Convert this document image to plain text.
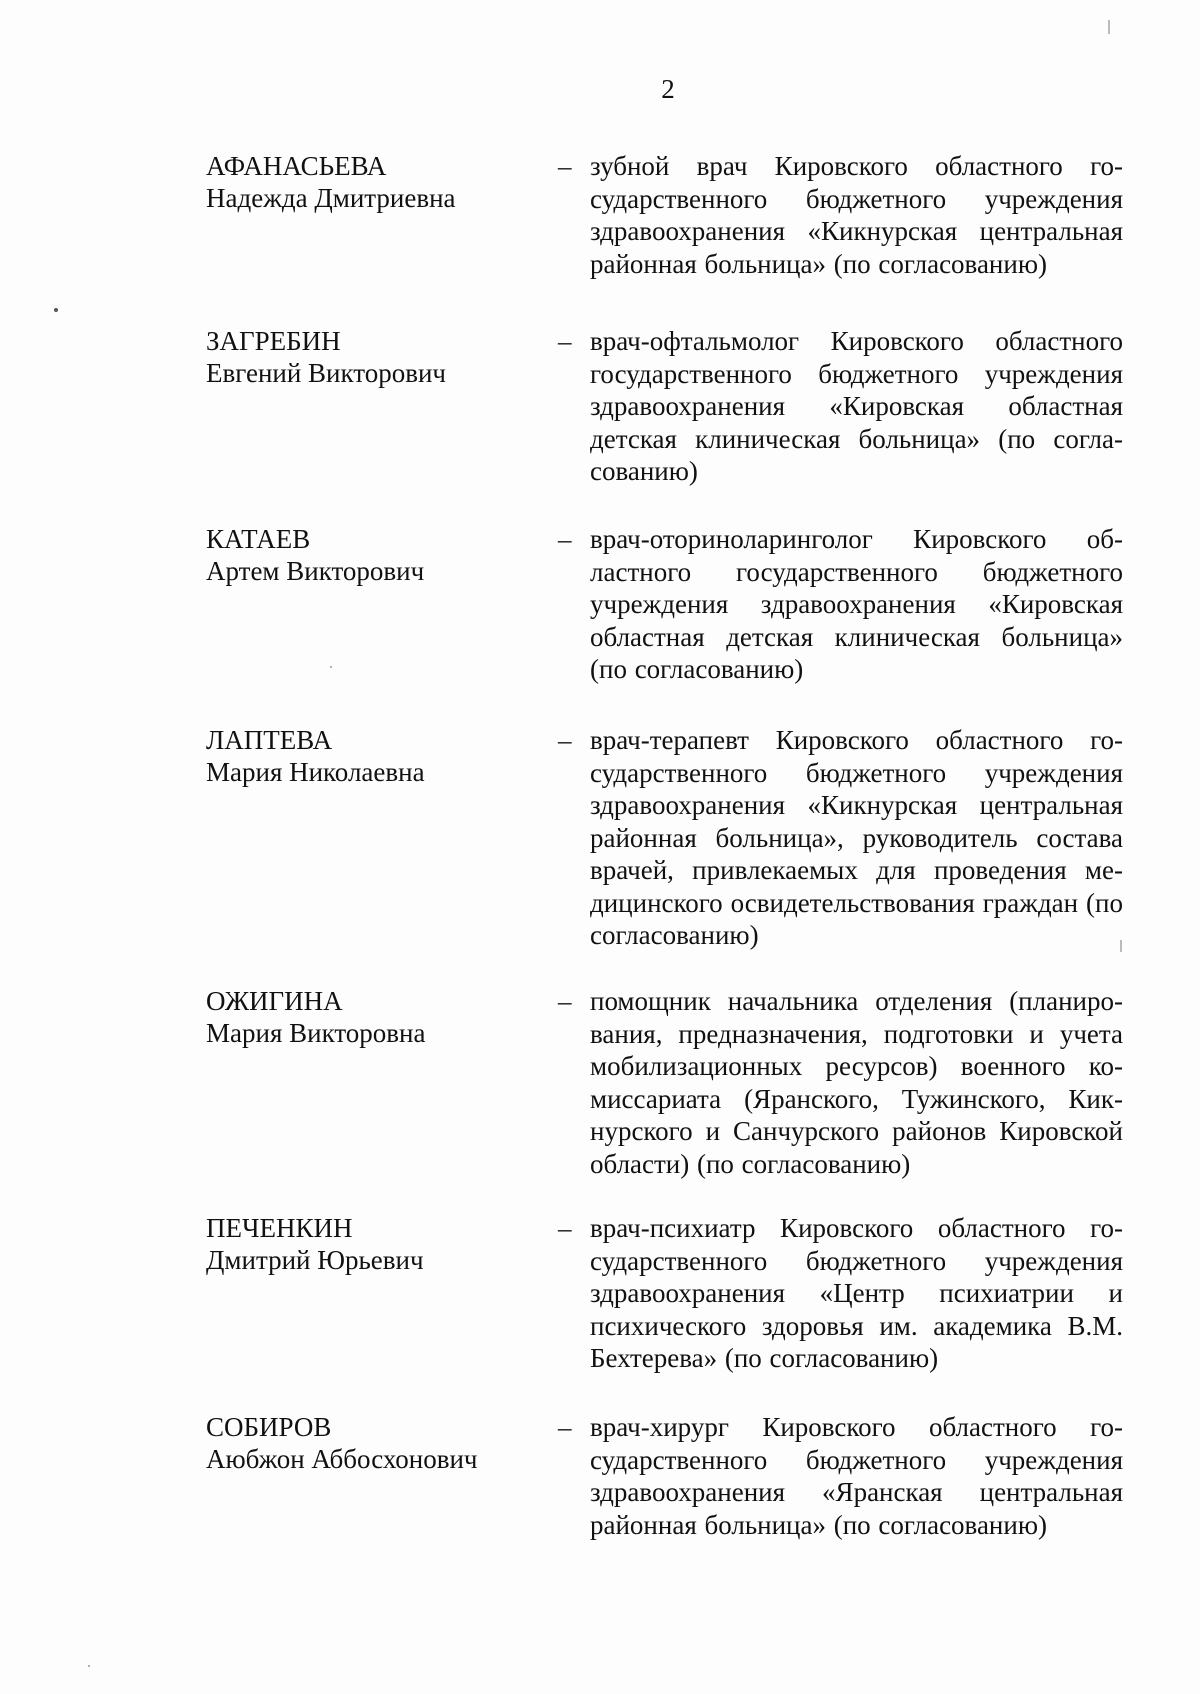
2
АФАНАСЬЕВА
Надежда Дмитриевна
– зубной врач Кировского областного государственного бюджетного учреждения здравоохранения «Кикнурская центральная районная больница» (по согласованию)
ЗАГРЕБИН
Евгений Викторович
– врач-офтальмолог Кировского областного государственного бюджетного учреждения здравоохранения «Кировская областная детская клиническая больница» (по согласованию)
КАТАЕВ
Артем Викторович
– врач-оториноларинголог Кировского областного государственного бюджетного учреждения здравоохранения «Кировская областная детская клиническая больница» (по согласованию)
ЛАПТЕВА
Мария Николаевна
– врач-терапевт Кировского областного государственного бюджетного учреждения здравоохранения «Кикнурская центральная районная больница», руководитель состава врачей, привлекаемых для проведения медицинского освидетельствования граждан (по согласованию)
ОЖИГИНА
Мария Викторовна
– помощник начальника отделения (планирования, предназначения, подготовки и учета мобилизационных ресурсов) военного комиссариата (Яранского, Тужинского, Кикнурского и Санчурского районов Кировской области) (по согласованию)
ПЕЧЕНКИН
Дмитрий Юрьевич
– врач-психиатр Кировского областного государственного бюджетного учреждения здравоохранения «Центр психиатрии и психического здоровья им. академика В.М. Бехтерева» (по согласованию)
СОБИРОВ
Аюбжон Аббосхонович
– врач-хирург Кировского областного государственного бюджетного учреждения здравоохранения «Яранская центральная районная больница» (по согласованию)
